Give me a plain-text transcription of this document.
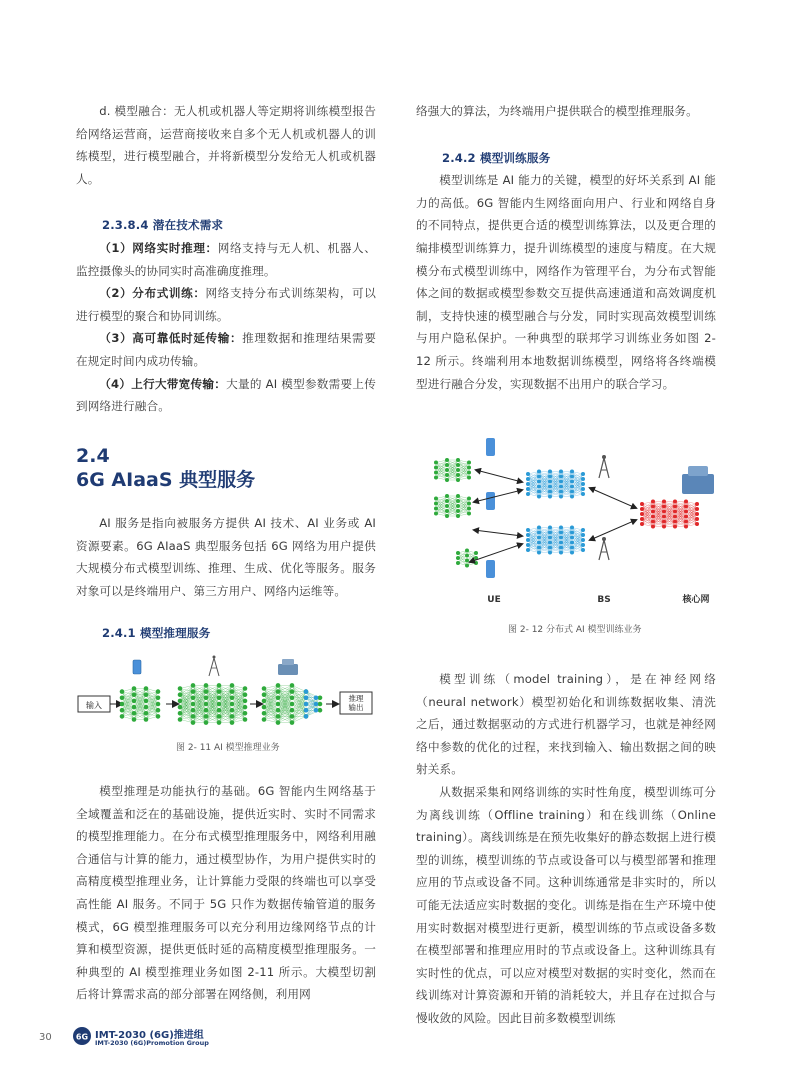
d. 模型融合：无人机或机器人等定期将训练模型报告给网络运营商，运营商接收来自多个无人机或机器人的训练模型，进行模型融合，并将新模型分发给无人机或机器人。

2.3.8.4 潜在技术需求

（1）网络实时推理：网络支持与无人机、机器人、监控摄像头的协同实时高准确度推理。

（2）分布式训练：网络支持分布式训练架构，可以进行模型的聚合和协同训练。

（3）高可靠低时延传输：推理数据和推理结果需要在规定时间内成功传输。

（4）上行大带宽传输：大量的 AI 模型参数需要上传到网络进行融合。

2.4
6G AIaaS 典型服务

AI 服务是指向被服务方提供 AI 技术、AI 业务或 AI 资源要素。6G AIaaS 典型服务包括 6G 网络为用户提供大规模分布式模型训练、推理、生成、优化等服务。服务对象可以是终端用户、第三方用户、网络内运维等。

2.4.1 模型推理服务

输入
推理
输出
图 2- 11 AI 模型推理业务

模型推理是功能执行的基础。6G 智能内生网络基于全域覆盖和泛在的基础设施，提供近实时、实时不同需求的模型推理能力。在分布式模型推理服务中，网络利用融合通信与计算的能力，通过模型协作，为用户提供实时的高精度模型推理业务，让计算能力受限的终端也可以享受高性能 AI 服务。不同于 5G 只作为数据传输管道的服务模式，6G 模型推理服务可以充分利用边缘网络节点的计算和模型资源，提供更低时延的高精度模型推理服务。一种典型的 AI 模型推理业务如图 2-11 所示。大模型切割后将计算需求高的部分部署在网络侧，利用网

络强大的算法，为终端用户提供联合的模型推理服务。

2.4.2 模型训练服务

模型训练是 AI 能力的关键，模型的好坏关系到 AI 能力的高低。6G 智能内生网络面向用户、行业和网络自身的不同特点，提供更合适的模型训练算法，以及更合理的编排模型训练算力，提升训练模型的速度与精度。在大规模分布式模型训练中，网络作为管理平台，为分布式智能体之间的数据或模型参数交互提供高速通道和高效调度机制，支持快速的模型融合与分发，同时实现高效模型训练与用户隐私保护。一种典型的联邦学习训练业务如图 2-12 所示。终端利用本地数据训练模型，网络将各终端模型进行融合分发，实现数据不出用户的联合学习。

UE	BS	核心网
图 2- 12 分布式 AI 模型训练业务

模型训练（model training），是在神经网络（neural network）模型初始化和训练数据收集、清洗之后，通过数据驱动的方式进行机器学习，也就是神经网络中参数的优化的过程，来找到输入、输出数据之间的映射关系。

从数据采集和网络训练的实时性角度，模型训练可分为离线训练（Offline training）和在线训练（Online training）。离线训练是在预先收集好的静态数据上进行模型的训练，模型训练的节点或设备可以与模型部署和推理应用的节点或设备不同。这种训练通常是非实时的，所以可能无法适应实时数据的变化。训练是指在生产环境中使用实时数据对模型进行更新，模型训练的节点或设备多数在模型部署和推理应用时的节点或设备上。这种训练具有实时性的优点，可以应对模型对数据的实时变化，然而在线训练对计算资源和开销的消耗较大，并且存在过拟合与慢收敛的风险。因此目前多数模型训练

30	6G IMT-2030 (6G)推进组
IMT-2030 (6G)Promotion Group
